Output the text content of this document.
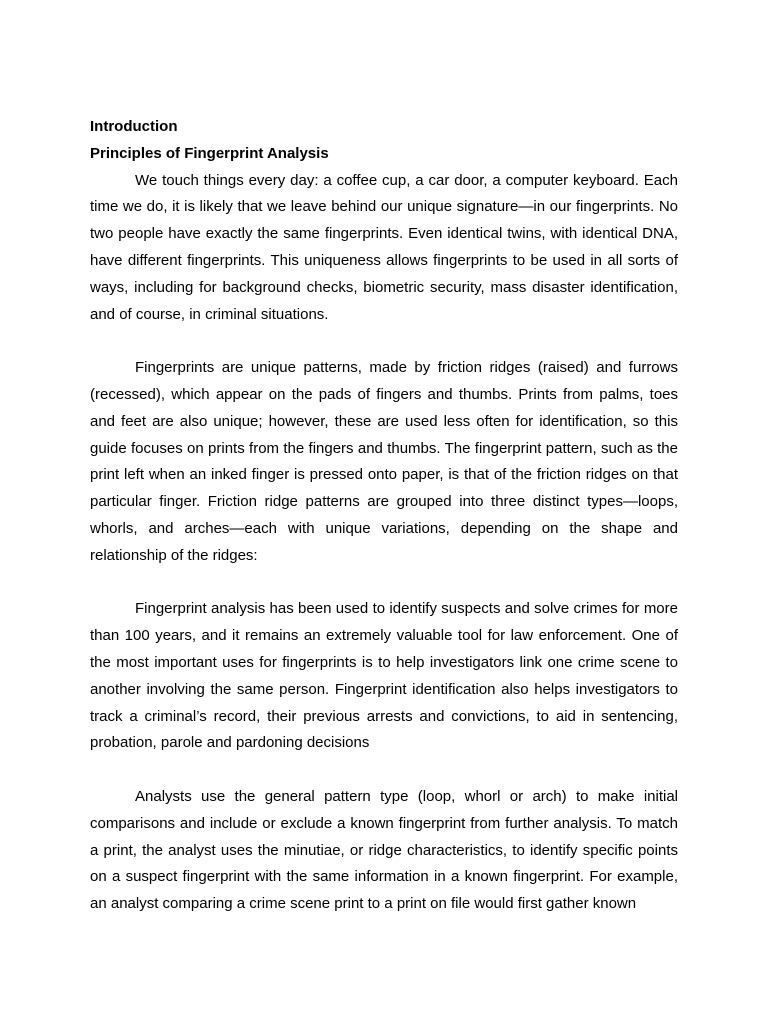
Introduction

Principles of Fingerprint Analysis

We touch things every day: a coffee cup, a car door, a computer keyboard. Each time we do, it is likely that we leave behind our unique signature—in our fingerprints. No two people have exactly the same fingerprints. Even identical twins, with identical DNA, have different fingerprints. This uniqueness allows fingerprints to be used in all sorts of ways, including for background checks, biometric security, mass disaster identification, and of course, in criminal situations.

Fingerprints are unique patterns, made by friction ridges (raised) and furrows (recessed), which appear on the pads of fingers and thumbs. Prints from palms, toes and feet are also unique; however, these are used less often for identification, so this guide focuses on prints from the fingers and thumbs. The fingerprint pattern, such as the print left when an inked finger is pressed onto paper, is that of the friction ridges on that particular finger. Friction ridge patterns are grouped into three distinct types—loops, whorls, and arches—each with unique variations, depending on the shape and relationship of the ridges:

Fingerprint analysis has been used to identify suspects and solve crimes for more than 100 years, and it remains an extremely valuable tool for law enforcement. One of the most important uses for fingerprints is to help investigators link one crime scene to another involving the same person. Fingerprint identification also helps investigators to track a criminal’s record, their previous arrests and convictions, to aid in sentencing, probation, parole and pardoning decisions

Analysts use the general pattern type (loop, whorl or arch) to make initial comparisons and include or exclude a known fingerprint from further analysis. To match a print, the analyst uses the minutiae, or ridge characteristics, to identify specific points on a suspect fingerprint with the same information in a known fingerprint. For example, an analyst comparing a crime scene print to a print on file would first gather known
